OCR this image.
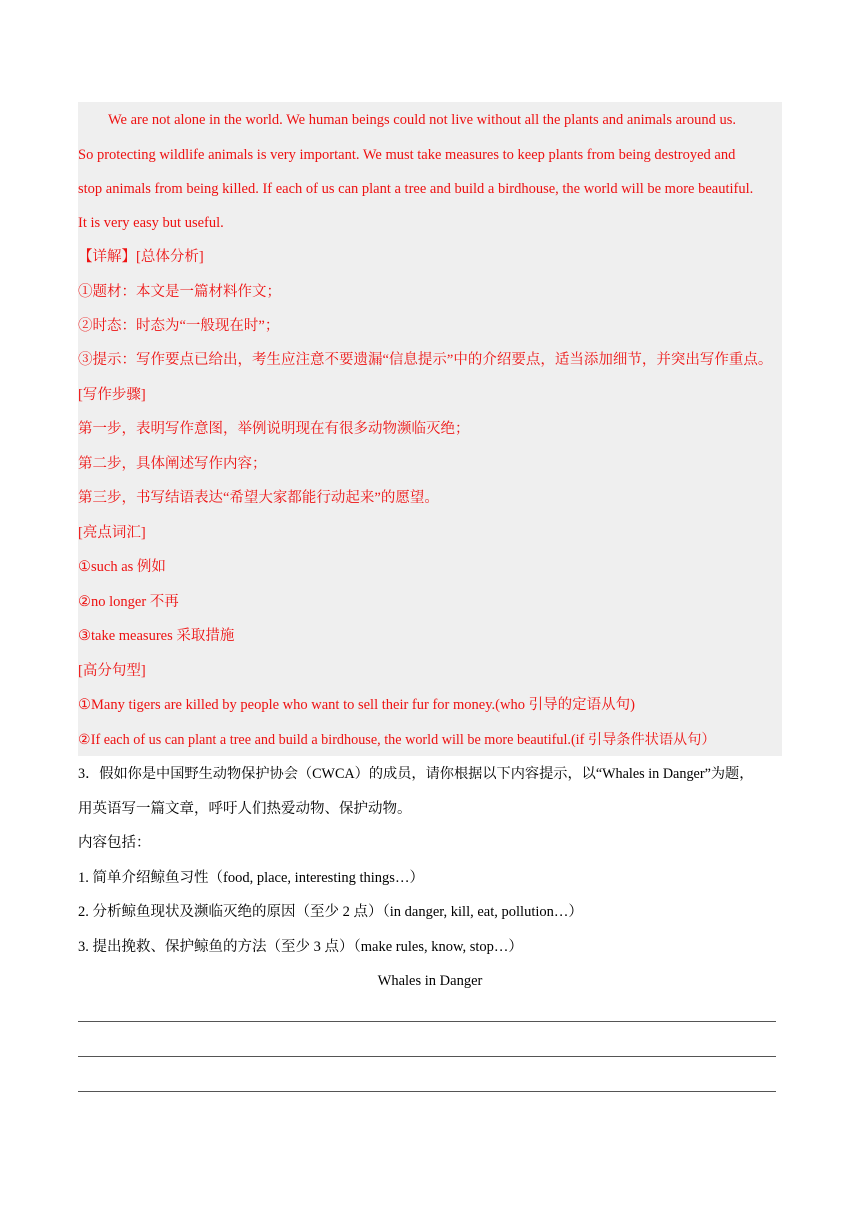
We are not alone in the world. We human beings could not live without all the plants and animals around us.
So protecting wildlife animals is very important. We must take measures to keep plants from being destroyed and
stop animals from being killed. If each of us can plant a tree and build a birdhouse, the world will be more beautiful.
It is very easy but useful.
【详解】[总体分析]
①题材：本文是一篇材料作文；
②时态：时态为“一般现在时”；
③提示：写作要点已给出，考生应注意不要遗漏“信息提示”中的介绍要点，适当添加细节，并突出写作重点。
[写作步骤]
第一步，表明写作意图，举例说明现在有很多动物濒临灭绝；
第二步，具体阐述写作内容；
第三步，书写结语表达“希望大家都能行动起来”的愿望。
[亮点词汇]
①such as 例如
②no longer 不再
③take measures 采取措施
[高分句型]
①Many tigers are killed by people who want to sell their fur for money.(who 引导的定语从句)
②If each of us can plant a tree and build a birdhouse, the world will be more beautiful.(if 引导条件状语从句）
3．假如你是中国野生动物保护协会（CWCA）的成员，请你根据以下内容提示，以“Whales in Danger”为题，
用英语写一篇文章，呼吁人们热爱动物、保护动物。
内容包括：
1. 简单介绍鲸鱼习性（food, place, interesting things…）
2. 分析鲸鱼现状及濒临灭绝的原因（至少 2 点）（in danger, kill, eat, pollution…）
3. 提出挽救、保护鲸鱼的方法（至少 3 点）（make rules, know, stop…）
Whales in Danger
